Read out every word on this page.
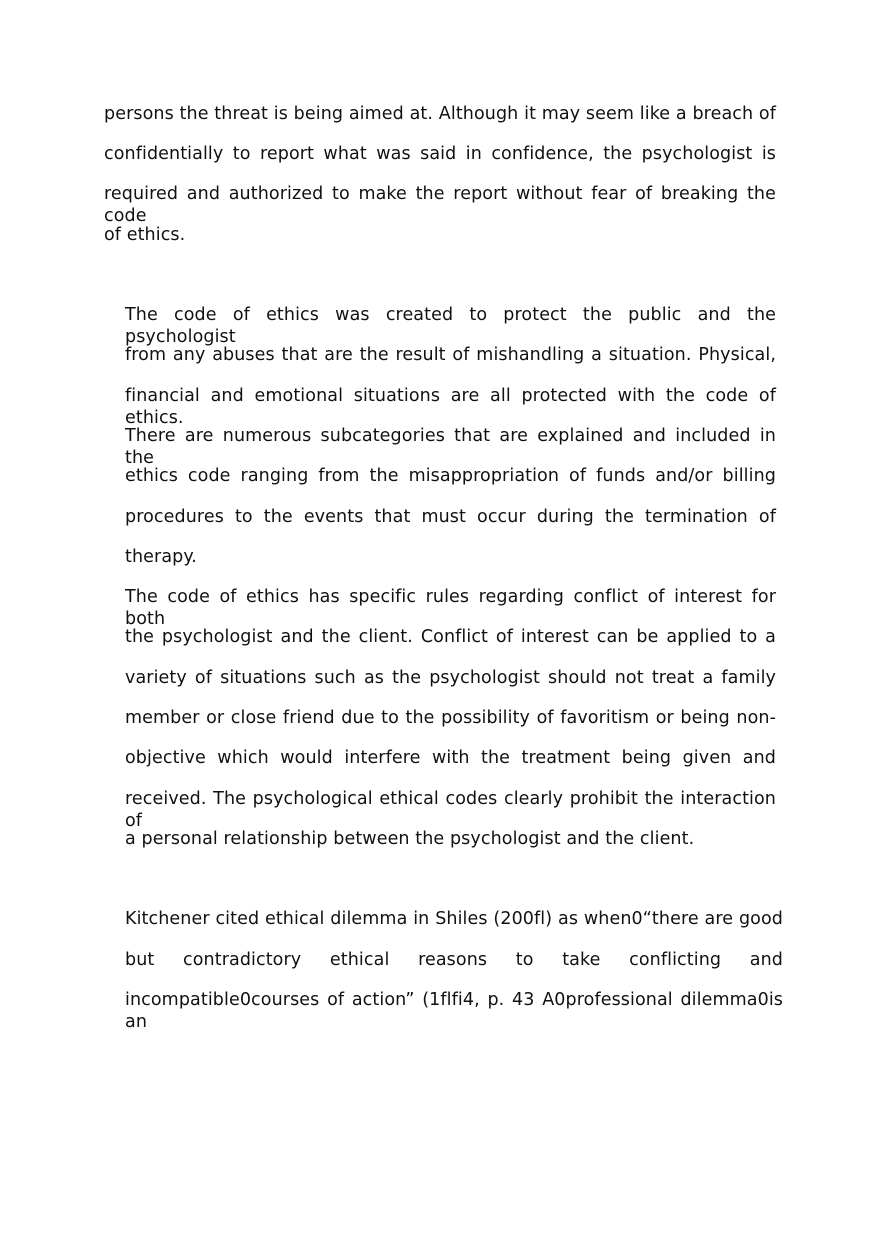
persons the threat is being aimed at. Although it may seem like a breach of
confidentially to report what was said in confidence, the psychologist is
required and authorized to make the report without fear of breaking the code
of ethics.
The code of ethics was created to protect the public and the psychologist
from any abuses that are the result of mishandling a situation. Physical,
financial and emotional situations are all protected with the code of ethics.
There are numerous subcategories that are explained and included in the
ethics code ranging from the misappropriation of funds and/or billing
procedures to the events that must occur during the termination of
therapy.
The code of ethics has specific rules regarding conflict of interest for both
the psychologist and the client. Conflict of interest can be applied to a
variety of situations such as the psychologist should not treat a family
member or close friend due to the possibility of favoritism or being non-
objective which would interfere with the treatment being given and
received. The psychological ethical codes clearly prohibit the interaction of
a personal relationship between the psychologist and the client.
Kitchener cited ethical dilemma in Shiles (200fl) as when0“there are good
but contradictory ethical reasons to take conflicting and
incompatible0courses of action” (1flfi4, p. 43 A0professional dilemma0is an
